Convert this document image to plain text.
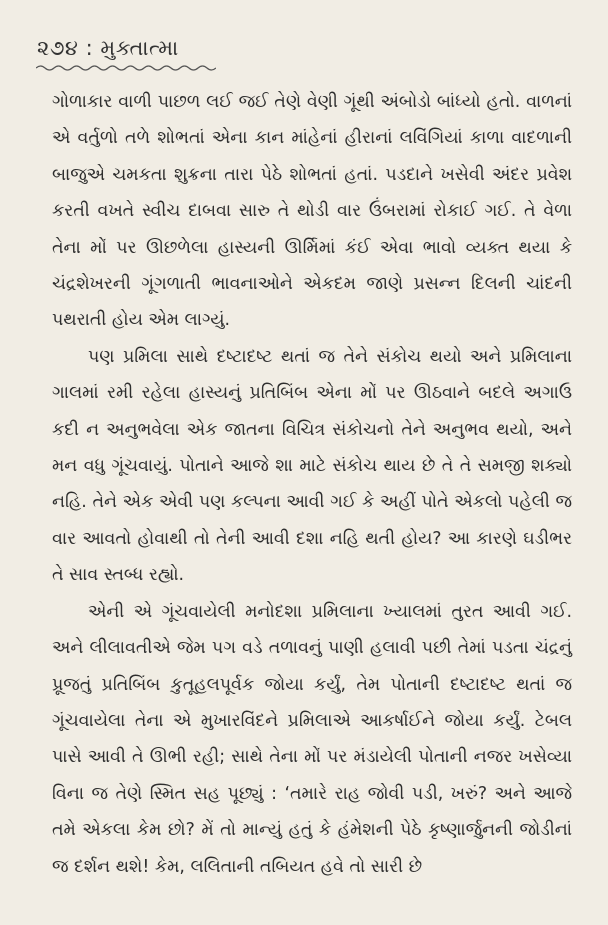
૨૭૪ : મુક્તાત્મા

ગોળાકાર વાળી પાછળ લઈ જઈ તેણે વેણી ગૂંથી અંબોડો બાંધ્યો હતો. વાળનાં એ વર્તુળો તળે શોભતાં એના કાન માંહેનાં હીરાનાં લવિંગિયાં કાળા વાદળાની બાજુએ ચમકતા શુક્રના તારા પેઠે શોભતાં હતાં. પડદાને ખસેવી અંદર પ્રવેશ કરતી વખતે સ્વીચ દાબવા સારુ તે થોડી વાર ઉંબરામાં રોકાઈ ગઈ. તે વેળા તેના મોં પર ઊછળેલા હાસ્યની ઊર્મિમાં કંઈ એવા ભાવો વ્યક્ત થયા કે ચંદ્રશેખરની ગૂંગળાતી ભાવનાઓને એકદમ જાણે પ્રસન્ન દિલની ચાંદની પથરાતી હોય એમ લાગ્યું.

પણ પ્રમિલા સાથે દષ્ટાદષ્ટ થતાં જ તેને સંકોચ થયો અને પ્રમિલાના ગાલમાં રમી રહેલા હાસ્યનું પ્રતિબિંબ એના મોં પર ઊઠવાને બદલે અગાઉ કદી ન અનુભવેલા એક જાતના વિચિત્ર સંકોચનો તેને અનુભવ થયો, અને મન વધુ ગૂંચવાયું. પોતાને આજે શા માટે સંકોચ થાય છે તે તે સમજી શક્યો નહિ. તેને એક એવી પણ કલ્પના આવી ગઈ કે અહીં પોતે એકલો પહેલી જ વાર આવતો હોવાથી તો તેની આવી દશા નહિ થતી હોય? આ કારણે ઘડીભર તે સાવ સ્તબ્ધ રહ્યો.

એની એ ગૂંચવાયેલી મનોદશા પ્રમિલાના ખ્યાલમાં તુરત આવી ગઈ. અને લીલાવતીએ જેમ પગ વડે તળાવનું પાણી હલાવી પછી તેમાં પડતા ચંદ્રનું પ્રૂજતું પ્રતિબિંબ કુતૂહલપૂર્વક જોયા કર્યું, તેમ પોતાની દષ્ટાદષ્ટ થતાં જ ગૂંચવાયેલા તેના એ મુખારવિંદને પ્રમિલાએ આકર્ષાઈને જોયા કર્યું. ટેબલ પાસે આવી તે ઊભી રહી; સાથે તેના મોં પર મંડાયેલી પોતાની નજર ખસેવ્યા વિના જ તેણે સ્મિત સહ પૂછ્યું : ‘તમારે રાહ જોવી પડી, ખરું? અને આજે તમે એકલા કેમ છો? મેં તો માન્યું હતું કે હંમેશની પેઠે કૃષ્ણાર્જુનની જોડીનાં જ દર્શન થશે! કેમ, લલિતાની તબિયત હવે તો સારી છે
